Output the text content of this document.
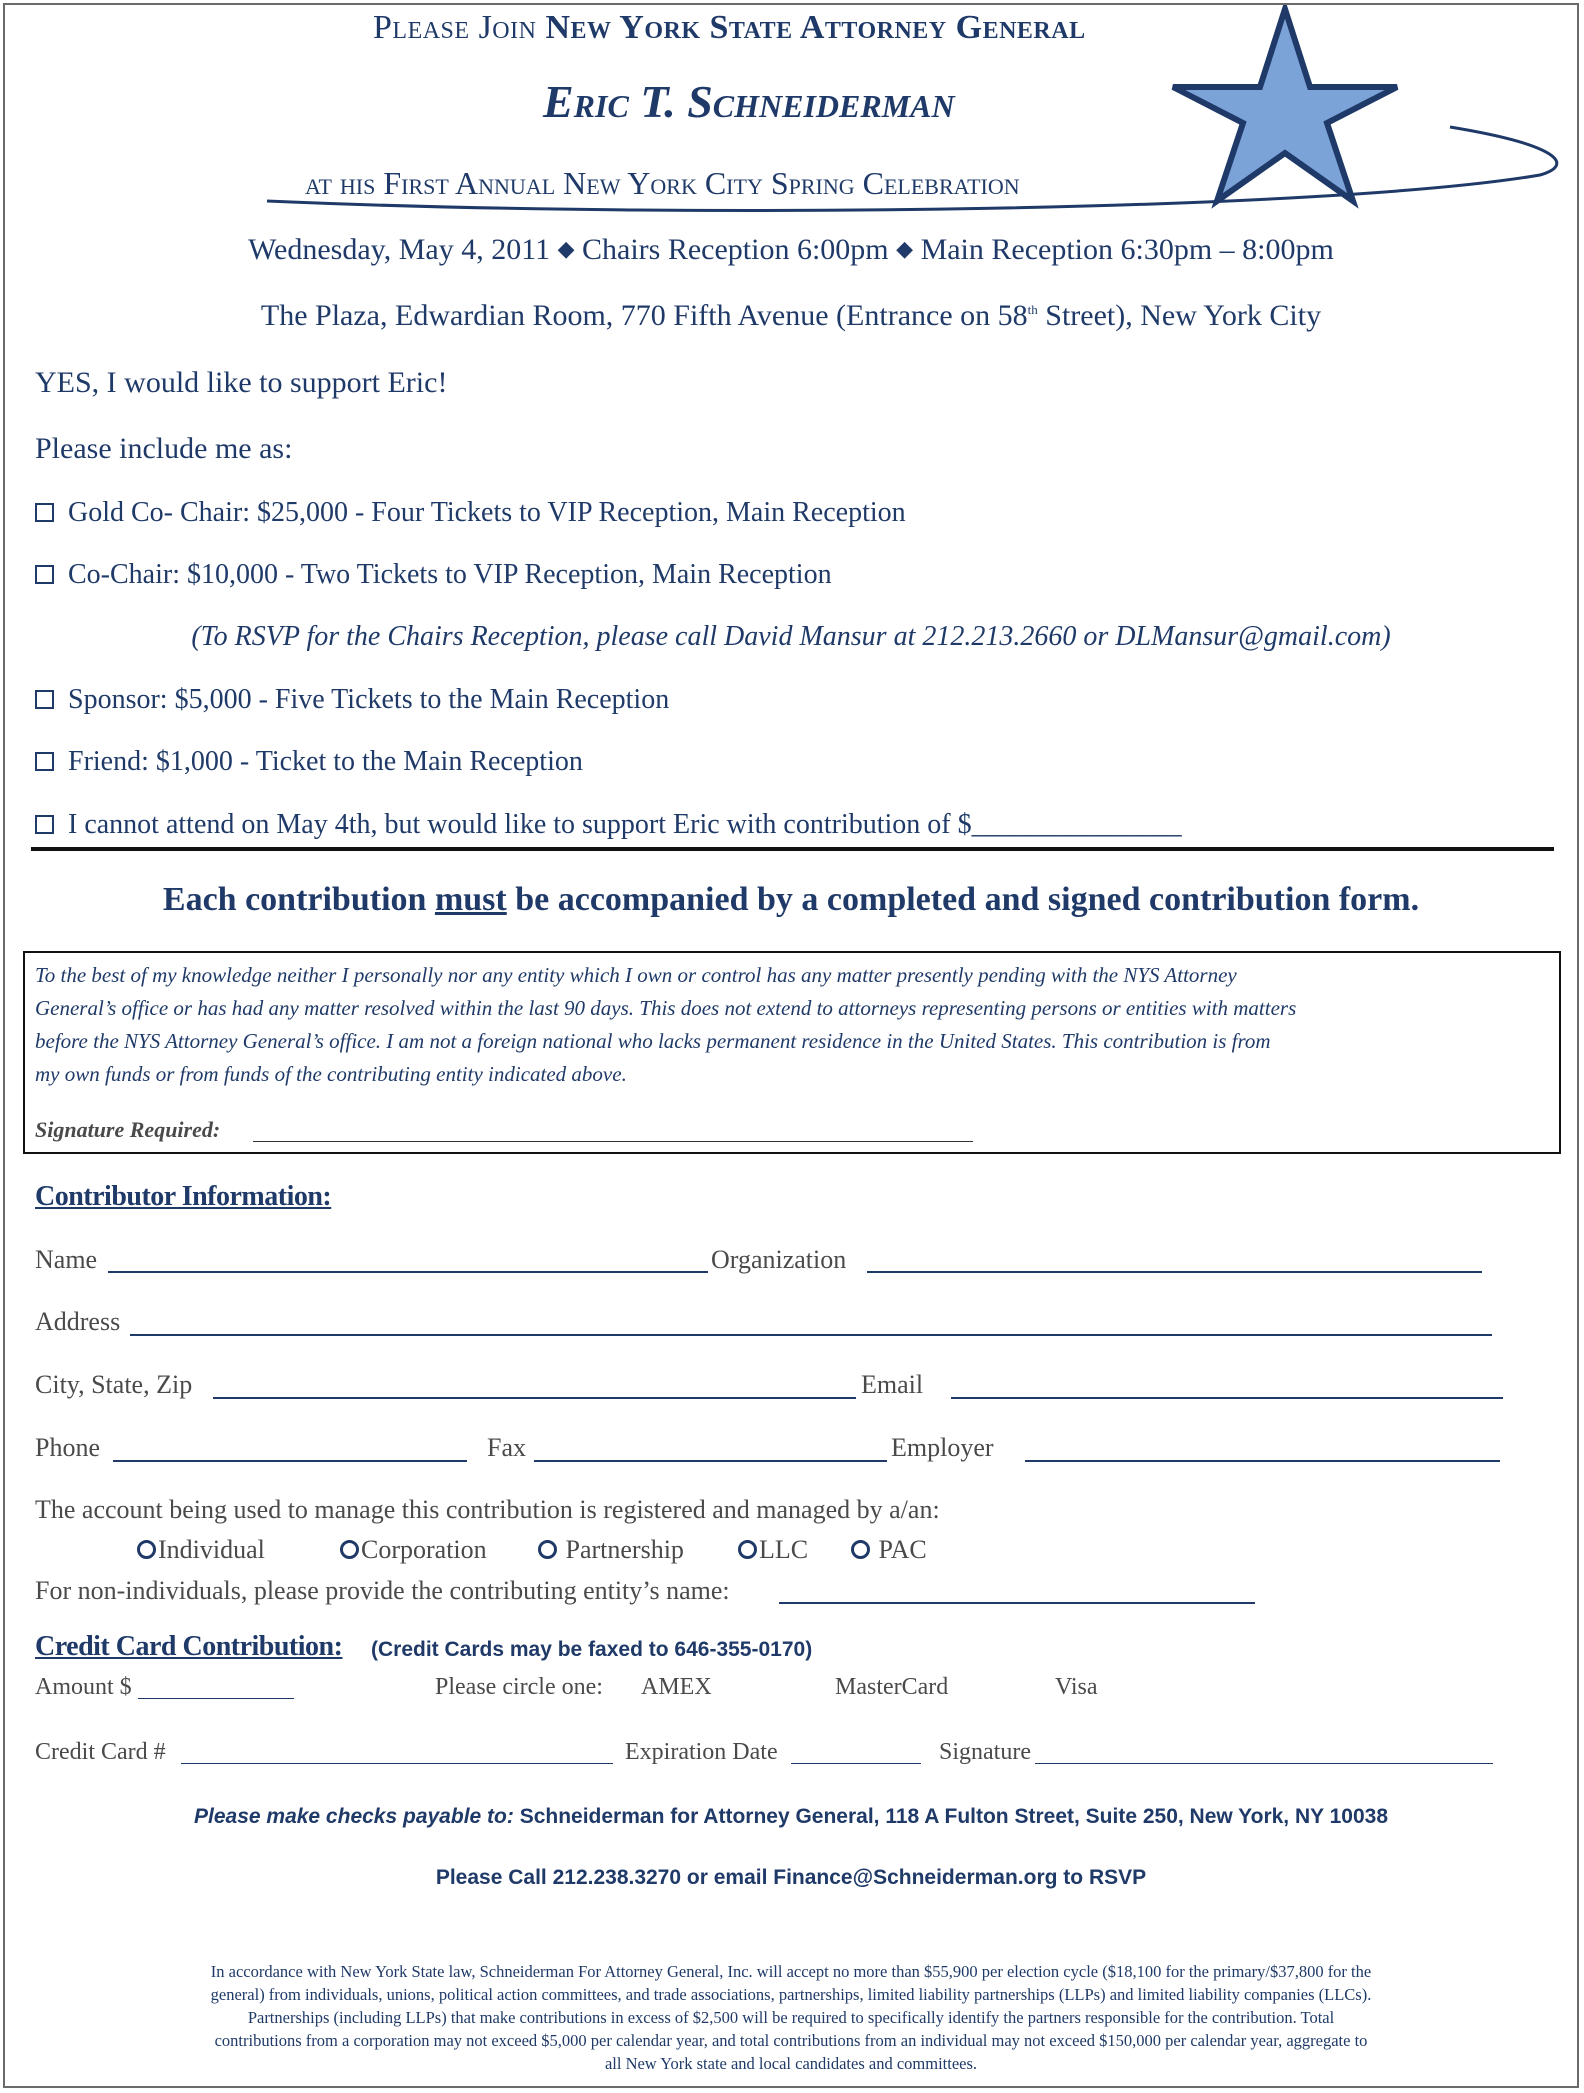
Please Join New York State Attorney General
Eric T. Schneiderman
at his First Annual New York City Spring Celebration
Wednesday, May 4, 2011 ◆ Chairs Reception 6:00pm ◆ Main Reception 6:30pm – 8:00pm
The Plaza, Edwardian Room, 770 Fifth Avenue (Entrance on 58th Street), New York City
YES, I would like to support Eric!
Please include me as:
Gold Co- Chair: $25,000 - Four Tickets to VIP Reception, Main Reception
Co-Chair: $10,000 - Two Tickets to VIP Reception, Main Reception
(To RSVP for the Chairs Reception, please call David Mansur at 212.213.2660 or DLMansur@gmail.com)
Sponsor: $5,000 - Five Tickets to the Main Reception
Friend: $1,000 - Ticket to the Main Reception
I cannot attend on May 4th, but would like to support Eric with contribution of $_______________
Each contribution must be accompanied by a completed and signed contribution form.
To the best of my knowledge neither I personally nor any entity which I own or control has any matter presently pending with the NYS Attorney
General’s office or has had any matter resolved within the last 90 days. This does not extend to attorneys representing persons or entities with matters
before the NYS Attorney General’s office. I am not a foreign national who lacks permanent residence in the United States. This contribution is from
my own funds or from funds of the contributing entity indicated above.
Signature Required:
Contributor Information:
Name	Organization
Address
City, State, Zip	Email
Phone	Fax	Employer
The account being used to manage this contribution is registered and managed by a/an:
Individual	Corporation	Partnership	LLC	PAC
For non-individuals, please provide the contributing entity’s name:
Credit Card Contribution: (Credit Cards may be faxed to 646-355-0170)
Amount $	Please circle one: AMEX	MasterCard	Visa
Credit Card #	Expiration Date	Signature
Please make checks payable to: Schneiderman for Attorney General, 118 A Fulton Street, Suite 250, New York, NY 10038
Please Call 212.238.3270 or email Finance@Schneiderman.org to RSVP
In accordance with New York State law, Schneiderman For Attorney General, Inc. will accept no more than $55,900 per election cycle ($18,100 for the primary/$37,800 for the
general) from individuals, unions, political action committees, and trade associations, partnerships, limited liability partnerships (LLPs) and limited liability companies (LLCs).
Partnerships (including LLPs) that make contributions in excess of $2,500 will be required to specifically identify the partners responsible for the contribution. Total
contributions from a corporation may not exceed $5,000 per calendar year, and total contributions from an individual may not exceed $150,000 per calendar year, aggregate to
all New York state and local candidates and committees.
